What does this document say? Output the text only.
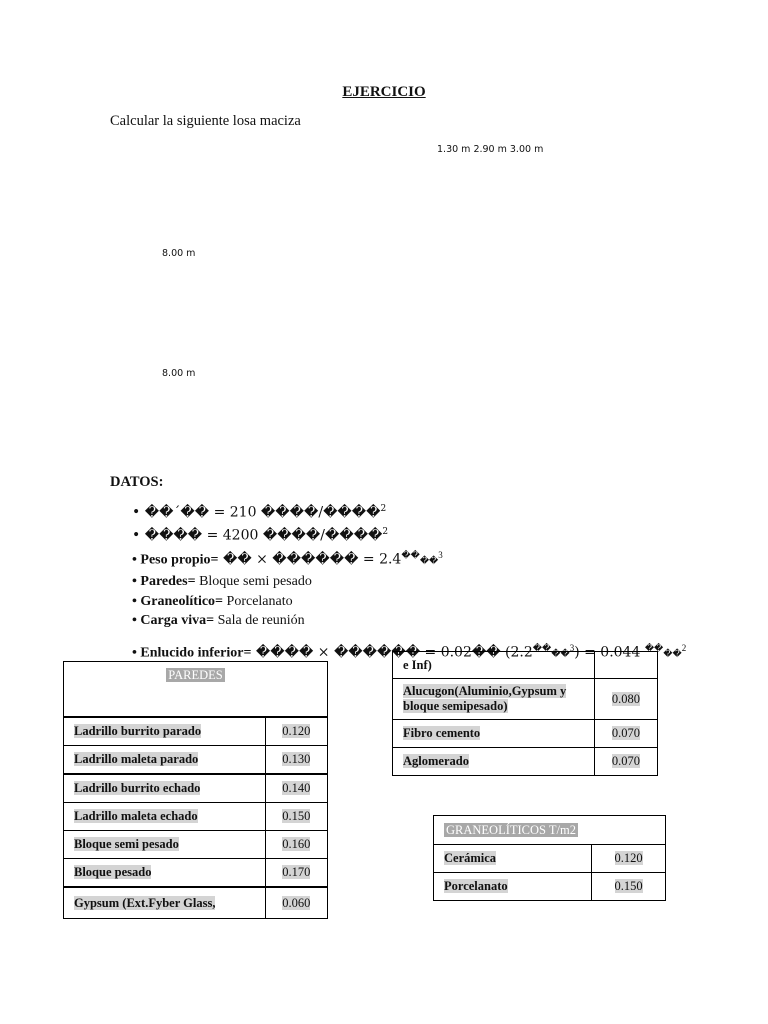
EJERCICIO
Calcular la siguiente losa maciza
1.30 m 2.90 m 3.00 m
8.00 m
8.00 m
DATOS:
• ��´�� = 210 ����/����$^2$
• ���� = 4200 ����/����$^2$
• Peso propio= �� × ������ = 2.4����$^3$
• Paredes= Bloque semi pesado
• Graneolítico= Porcelanato
• Carga viva= Sala de reunión
• Enlucido inferior= ���� × ������ = 0.02�� (2.2����$^3$) = 0.044 ����$^2$
PAREDES	
Ladrillo burrito parado	0.120
Ladrillo maleta parado	0.130
Ladrillo burrito echado	0.140
Ladrillo maleta echado	0.150
Bloque semi pesado	0.160
Bloque pesado	0.170
Gypsum (Ext.Fyber Glass,	0.060
e Inf)	
Alucugon(Aluminio,Gypsum y bloque semipesado)	0.080
Fibro cemento	0.070
Aglomerado	0.070
GRANEOLÍTICOS T/m2	
Cerámica	0.120
Porcelanato	0.150
